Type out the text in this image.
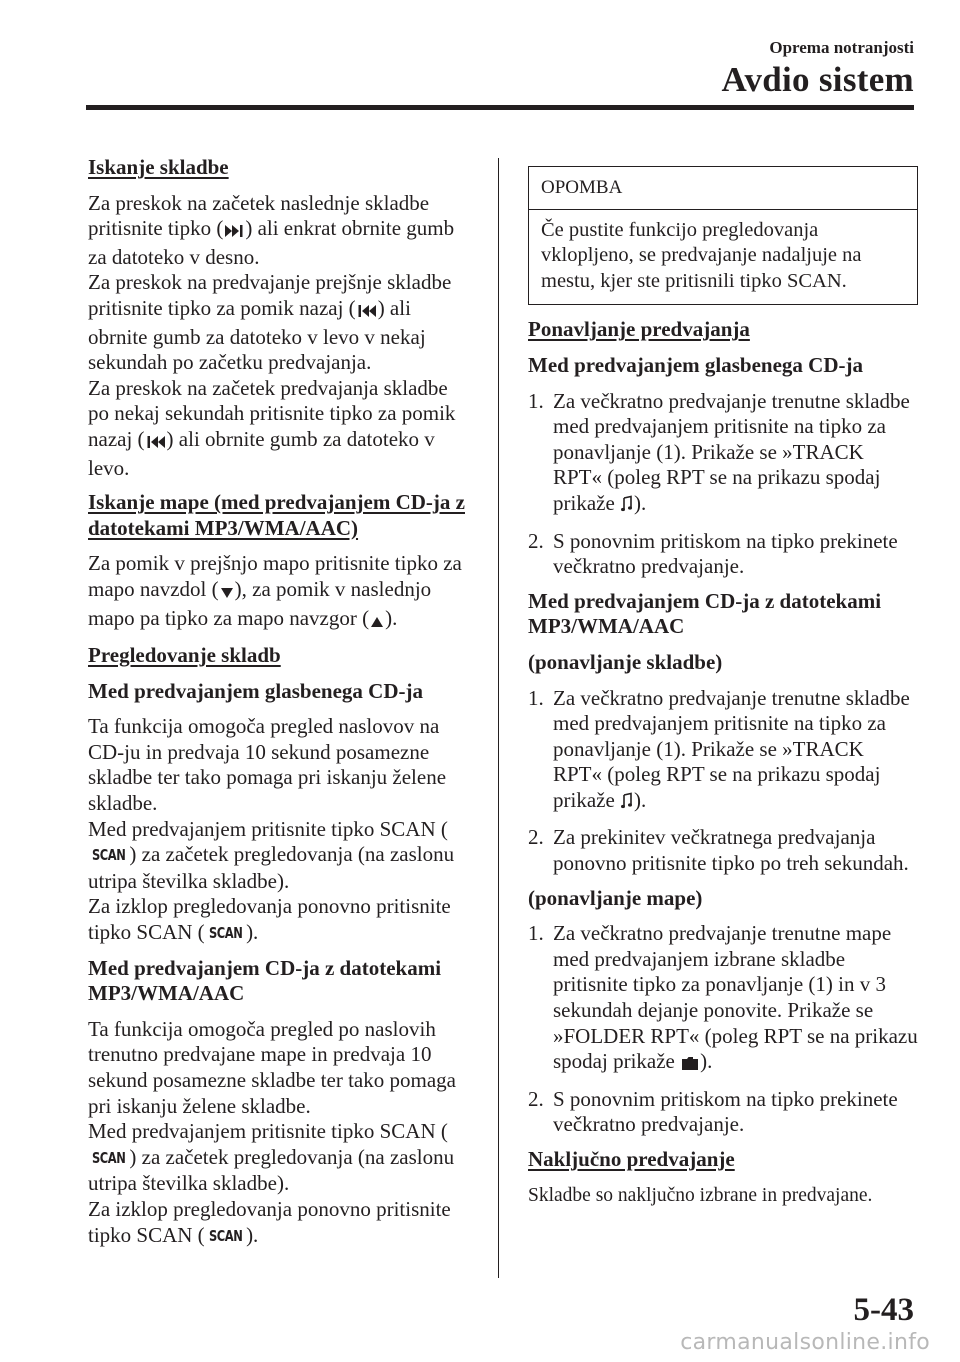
Oprema notranjosti
Avdio sistem
Iskanje skladbe

Za preskok na začetek naslednje skladbe pritisnite tipko ( ) ali enkrat obrnite gumb za datoteko v desno.

Za preskok na predvajanje prejšnje skladbe pritisnite tipko za pomik nazaj ( ) ali obrnite gumb za datoteko v levo v nekaj sekundah po začetku predvajanja.

Za preskok na začetek predvajanja skladbe po nekaj sekundah pritisnite tipko za pomik nazaj ( ) ali obrnite gumb za datoteko v levo.

Iskanje mape (med predvajanjem CD-ja z datotekami MP3/WMA/AAC)

Za pomik v prejšnjo mapo pritisnite tipko za mapo navzdol ( ), za pomik v naslednjo mapo pa tipko za mapo navzgor ( ).

Pregledovanje skladb
Med predvajanjem glasbenega CD-ja

Ta funkcija omogoča pregled naslovov na CD-ju in predvaja 10 sekund posamezne skladbe ter tako pomaga pri iskanju želene skladbe.

Med predvajanjem pritisnite tipko SCAN (SCAN ) za začetek pregledovanja (na zaslonu utripa številka skladbe).

Za izklop pregledovanja ponovno pritisnite tipko SCAN ( SCAN ).

Med predvajanjem CD-ja z datotekami MP3/WMA/AAC

Ta funkcija omogoča pregled po naslovih trenutno predvajane mape in predvaja 10 sekund posamezne skladbe ter tako pomaga pri iskanju želene skladbe.

Med predvajanjem pritisnite tipko SCAN (SCAN ) za začetek pregledovanja (na zaslonu utripa številka skladbe).

Za izklop pregledovanja ponovno pritisnite tipko SCAN ( SCAN ).

OPOMBA
Če pustite funkcijo pregledovanja vklopljeno, se predvajanje nadaljuje na mestu, kjer ste pritisnili tipko SCAN.
Ponavljanje predvajanja
Med predvajanjem glasbenega CD-ja
1. Za večkratno predvajanje trenutne skladbe med predvajanjem pritisnite na tipko za ponavljanje (1). Prikaže se »TRACK RPT« (poleg RPT se na prikazu spodaj prikaže ).
2. S ponovnim pritiskom na tipko prekinete večkratno predvajanje.
Med predvajanjem CD-ja z datotekami MP3/WMA/AAC
(ponavljanje skladbe)
1. Za večkratno predvajanje trenutne skladbe med predvajanjem pritisnite na tipko za ponavljanje (1). Prikaže se »TRACK RPT« (poleg RPT se na prikazu spodaj prikaže ).
2. Za prekinitev večkratnega predvajanja ponovno pritisnite tipko po treh sekundah.
(ponavljanje mape)
1. Za večkratno predvajanje trenutne mape med predvajanjem izbrane skladbe pritisnite tipko za ponavljanje (1) in v 3 sekundah dejanje ponovite. Prikaže se »FOLDER RPT« (poleg RPT se na prikazu spodaj prikaže ).
2. S ponovnim pritiskom na tipko prekinete večkratno predvajanje.
Naključno predvajanje

Skladbe so naključno izbrane in predvajane.

5-43
carmanualsonline.info
